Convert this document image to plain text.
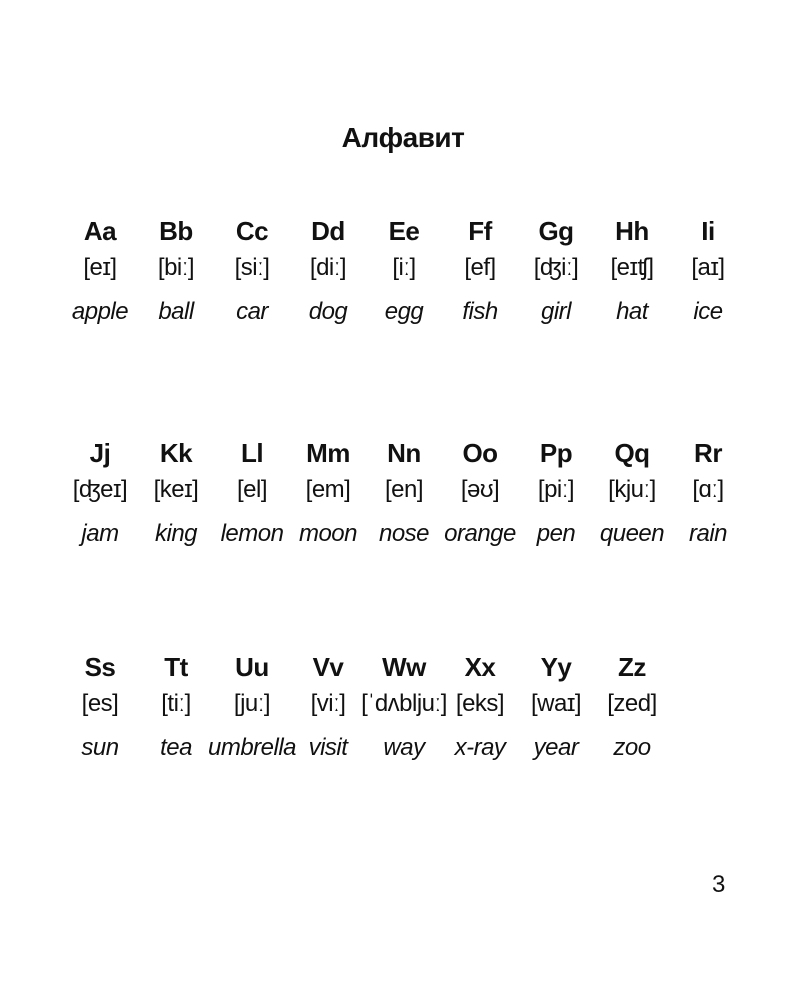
Алфавит
Aa
[eɪ]
apple
Bb
[biː]
ball
Cc
[siː]
car
Dd
[diː]
dog
Ee
[iː]
egg
Ff
[ef]
fish
Gg
[ʤiː]
girl
Hh
[eɪʧ]
hat
Ii
[aɪ]
ice
Jj
[ʤeɪ]
jam
Kk
[keɪ]
king
Ll
[el]
lemon
Mm
[em]
moon
Nn
[en]
nose
Oo
[əʊ]
orange
Pp
[piː]
pen
Qq
[kjuː]
queen
Rr
[ɑː]
rain
Ss
[es]
sun
Tt
[tiː]
tea
Uu
[juː]
umbrella
Vv
[viː]
visit
Ww
[ˈdʌbljuː]
way
Xx
[eks]
x-ray
Yy
[waɪ]
year
Zz
[zed]
zoo
3
